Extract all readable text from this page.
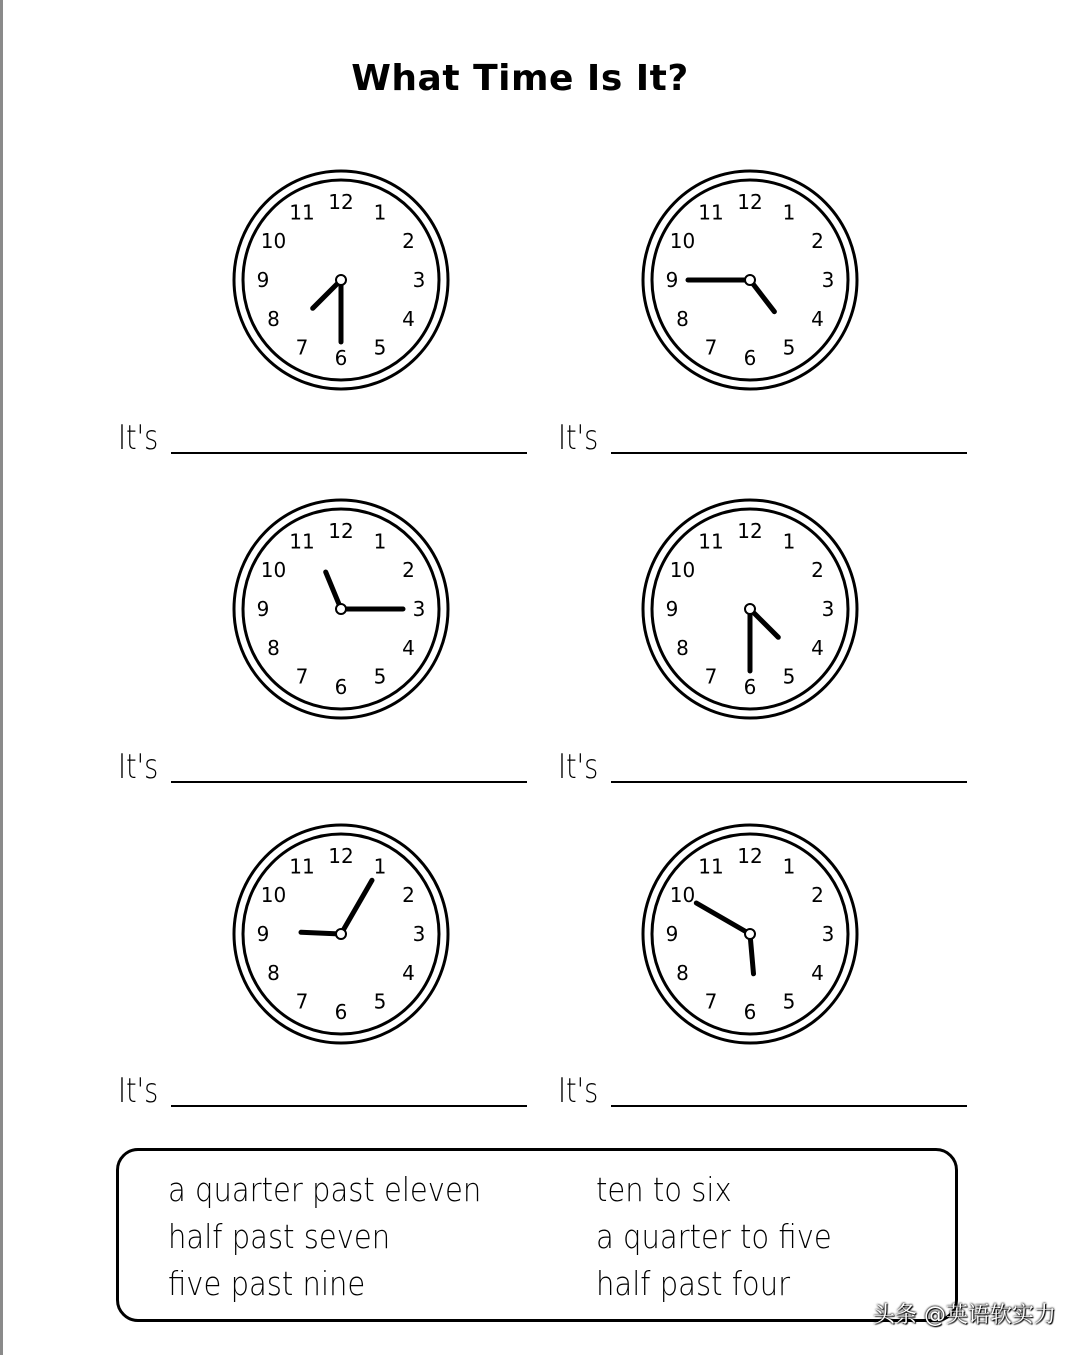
What Time Is It?
12 1
2
3
4
5
6
7
8
9
10
11	12 1
2
3
4
5
6
7
8
9
10
11
12 1
2
3
4
5
6
7
8
9
10
11	12 1
2
3
4
5
6
7
8
9
10
11
12 1
2
3
4
5
6
7
8
9
10
11	12 1
2
3
4
5
6
7
8
9
10
11
It's	It's
It's	It's
It's	It's
a quarter past eleven
half past seven
five past nine
ten to six
a quarter to five
half past four
头条 @英语软实力
